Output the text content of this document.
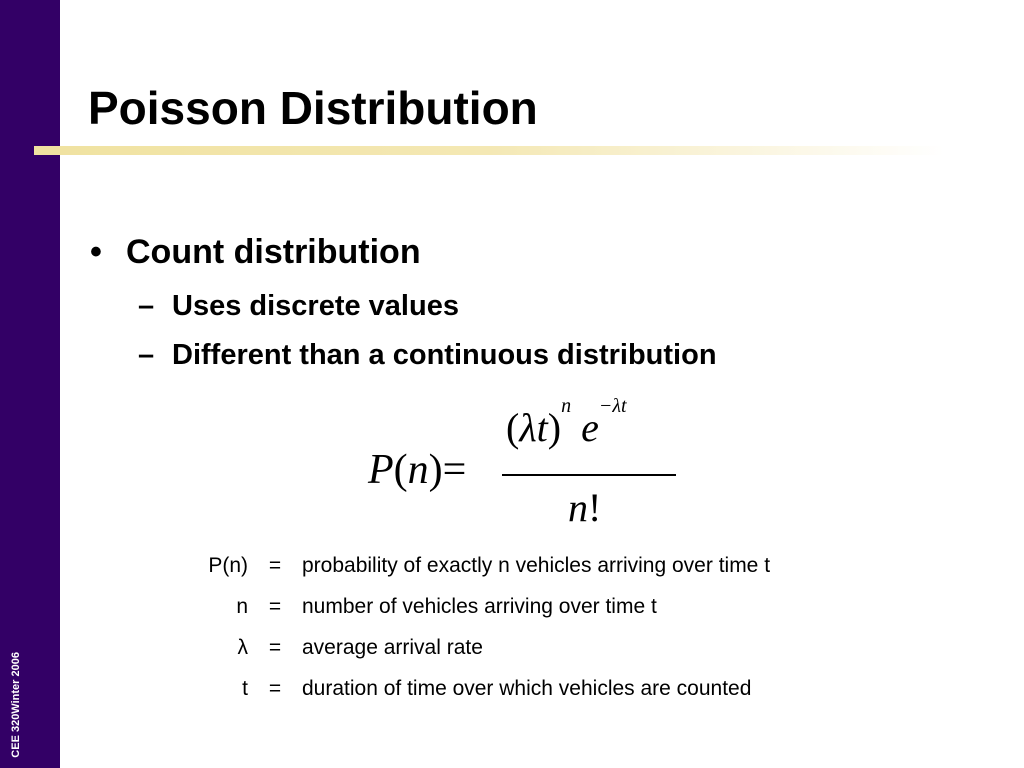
CEE 320
Winter 2006
Poisson Distribution
• Count distribution
– Uses discrete values
– Different than a continuous distribution
P(n)=
$(\lambda t)^n$ $e^{-\lambda t}$
n!
P(n) = probability of exactly n vehicles arriving over time t
n = number of vehicles arriving over time t
λ = average arrival rate
t = duration of time over which vehicles are counted
